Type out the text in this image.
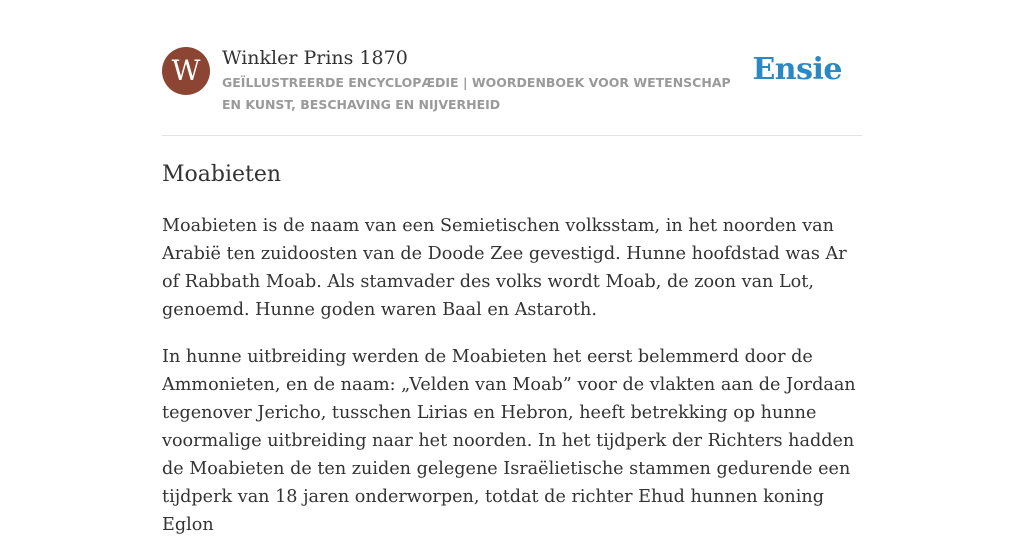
W	Winkler Prins 1870
GEÏLLUSTREERDE ENCYCLOPÆDIE | WOORDENBOEK VOOR WETENSCHAP EN KUNST, BESCHAVING EN NIJVERHEID
Ensie
Moabieten

Moabieten is de naam van een Semietischen volksstam, in het noorden van Arabië ten zuidoosten van de Doode Zee gevestigd. Hunne hoofdstad was Ar of Rabbath Moab. Als stamvader des volks wordt Moab, de zoon van Lot, genoemd. Hunne goden waren Baal en Astaroth.

In hunne uitbreiding werden de Moabieten het eerst belemmerd door de Ammonieten, en de naam: „Velden van Moab” voor de vlakten aan de Jordaan tegenover Jericho, tusschen Lirias en Hebron, heeft betrekking op hunne voormalige uitbreiding naar het noorden. In het tijdperk der Richters hadden de Moabieten de ten zuiden gelegene Israëlietische stammen gedurende een tijdperk van 18 jaren onderworpen, totdat de richter Ehud hunnen koning Eglon
